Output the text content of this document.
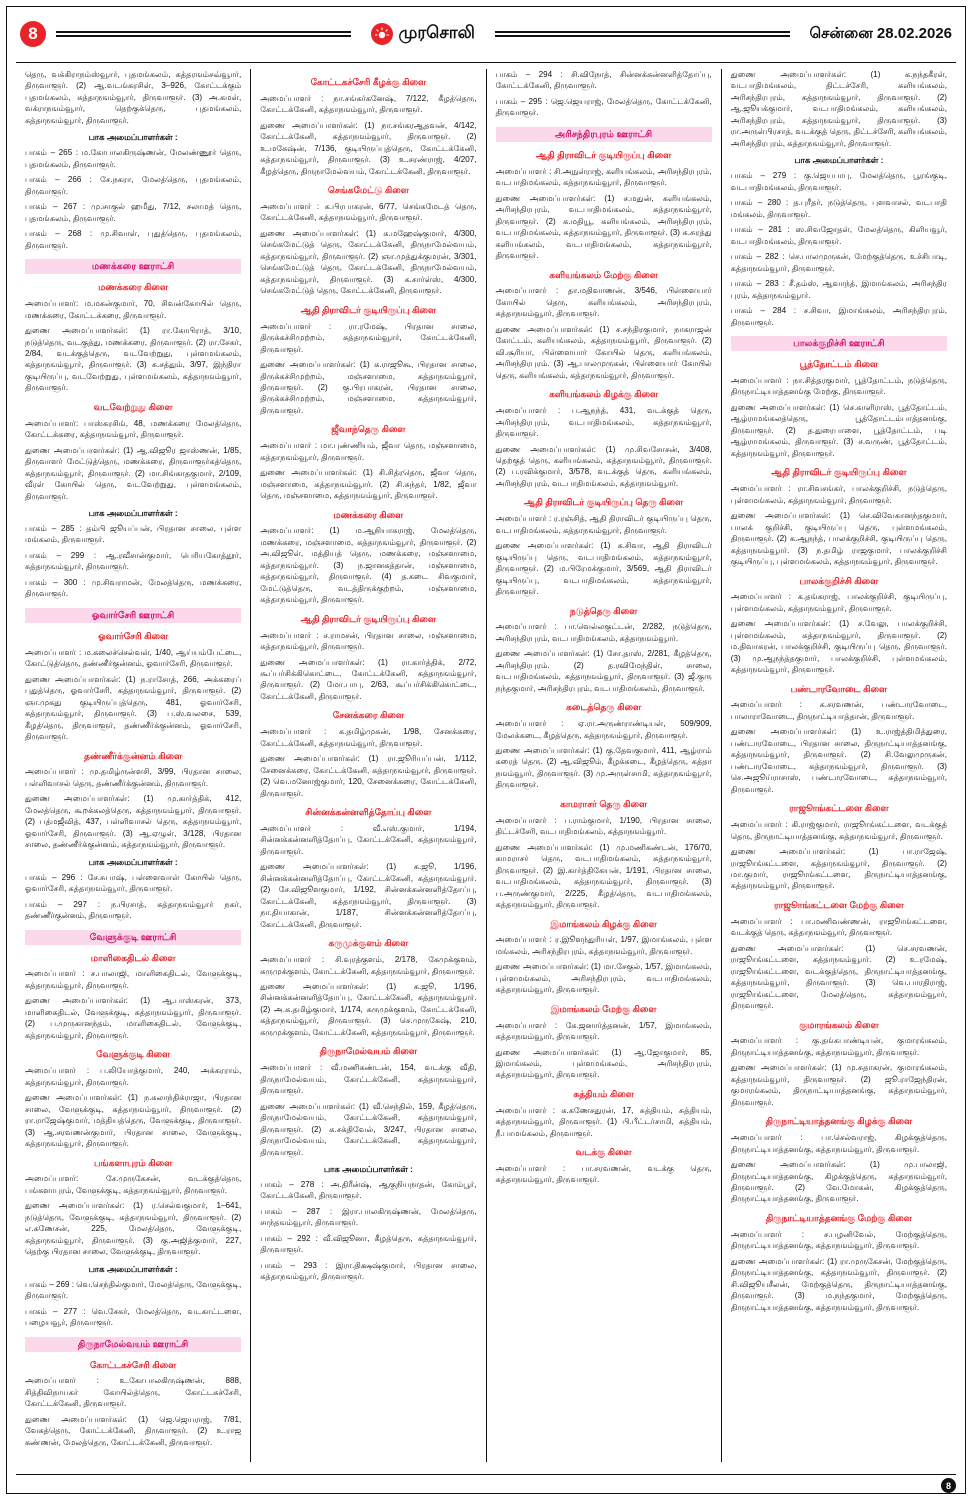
8	முரசொலி	சென்னை 28.02.2026
தெரு, வக்கிராநம்ஸ்வூார், புதமங்கலம், கத்தரஙம்சவ்வூார், திருவாளூர். (2) ஆ.வடங்கரசிள், 3–926, கோட்டக்கும் புதமங்கலம், கத்தாநஙம்வூார், திருவாளூர். (3) அ.கமள், வக்ராநஙம்வூார், தெற்குக்தெரு, புதமங்கலம், கத்தாநஙம்வூார், திருவாளூர்.
பாக அமைப்பாளர்கள் :
பாகம் – 265 : ம.கோபாலகிருஷ்ணன், மேலண்ணூர் தெரு, புதமங்கலம், திருவாளூர்.
பாகம் – 266 : சே.நகரா, மேலத்தெரு, புதமங்கலம், திருவாளூர்.
பாகம் – 267 : மு.சாகுல் ஹமீது, 7/12, சலாமத் தெரு, புதமங்கலம், திருவாளூர்.
பாகம் – 268 : மு.சிவாள், புதுத்தெரு, புதமங்கலம், திருவாளூர்.
மணக்கரை ஊராட்சி
மணக்கரை கிளை
அமைப்பாளர்: ம.மகன்குமார், 70, சிவன்கோயில் தெரு, மணக்கரை, கோட்டக்கரை, திருவாளூர்.
துணை அமைப்பாளர்கள்: (1) ரா.கோபிராத், 3/10, நடுத்தெரு, வடகுத்து, மணக்கரை, திருவாளூர். (2) ரா.சேகர், 2/84, வடக்குத்தெரு, வடவேற்றுது, புள்ளமங்கலம், கத்தாநஙம்வூார், திருவாளூர். (3) க.சத்தும், 3/97, இந்திரா குடியிருப்பு, வடவேற்றுது, புள்ளமங்கலம், கத்தாநஙம்வூார், திருவாளூர்.
வடவேற்றுது கிளை
அமைப்பாளர்: பாஸ்கரசிங், 48, மணக்கரை மேலத்தெரு, கோட்டக்கரை, கத்தாநஙம்வூார், திருவாளூர்.
துணை அமைப்பாளர்கள்: (1) ஆ.விஜூர ஜாஸ்ணன், 1/85, திருவாளர் மேட்டுத்தெரு, மணக்கரை, திருவாளூர்கத்தெரு, கத்தாநஙம்வூார், திருவாளூர். (2) மா.சிங்காதகுமார், 2/109, வீரள் கோயில் தெரு, வடவேற்றுது, புள்ளமங்கலம், திருவாளூர்.
பாக அமைப்பாளர்கள் :
பாகம் – 285 : தம்பி ஜூயப்பன், பிரதான சாலை, புள்ள மங்கலம், திருவாளூர்.
பாகம் – 299 : ஆ.ரவீசான்குமார், பெரியகோத்தூர், கத்தாநஙம்வூார், திருவாளூர்.
பாகம் – 300 : மு.சிவராமன், மேலத்தெரு, மணக்கரை, திருவாளூர்.
ஓவார்சேரி ஊராட்சி
ஓவார்சேரி கிளை
அமைப்பாளர் : ம.கலைச்செல்வள், 1/40, ஆய்யம்பேட்டை, கோட்டுத்தெரு, தண்ணீர்குன்னம், ஓவார்சேரி, திருவாளூர்.
துணை அமைப்பாளர்கள்: (1) ந.ராசோத், 266, அக்கரைப் புதுத்தெரு, ஓவார்சேரி, கத்தாநஙம்வூார், திருவாளூர். (2) ஞா.முகது குடியிருப்புத்தெரு, 481, ஓவார்சேரி, கத்தாநஙம்வூார், திருவாளூர். (3) ப.ஸ்.வலசை, 539, கீழத்தெரு, திருவாளூர், தண்ணீர்க்குன்னம், ஓவார்சேரி, திருவாளூர்.
தண்ணீர்க்குன்னம் கிளை
அமைப்பாளர் : மு.தமிழ்ருன்ளசி, 3/99, பிரதான சாலை, பள்ளிவாசல் தெரு, தண்ணீர்க்குன்னம், திருவாளூர்.
துணை அமைப்பாளர்கள்: (1) மு.கார்த்திக், 412, மேலத்தெரு, கூறக்கலத்தெரு, கத்தாநஙம்வூார், திருவாளூர். (2) பத்மஜீவித், 437, பள்ளிவாசல் தெரு, கத்தாநஙம்வூார், ஓவார்சேரி, திருவாளூர். (3) ஆ.ஏழுள், 3/128, பிரதான சாலை, தண்ணீர்க்குன்னம், கத்தாநஙம்வூார், திருவாளூர்.
பாக அமைப்பாளர்கள் :
பாகம் – 296 : சே.சுபாஷ், பள்ளைவாள் கோயில் தெரு, ஓவார்சேரி, கத்தாநஙம்வூார், திருவாளூர்.
பாகம் – 297 : ந.பிரசாத், கத்தாநஙம்வூார் நகர், தண்ணீர்குன்னம், திருவாளூர்.
வேளுக்குடி ஊராட்சி
மாளிகைதிடல் கிளை
அமைப்பாளர் : ச.பாலாஜி, மாளிகைதிடல், வேளுக்குடி, கத்தாநஙம்வூார், திருவாளூர்.
துணை அமைப்பாளர்கள்: (1) ஆ.பாஸ்கரன், 373, மாளிகைதிடல், வேளுக்குடி, கத்தாநஙம்வூார், திருவாளூர். (2) ப.முருகானந்தம், மாளிகைதிடல், வேளுக்குடி, கத்தாநஙம்வூார், திருவாளூர்.
வேளுக்குடி கிளை
அமைப்பாளர் : ப.லியோத்குமார், 240, அக்கரராம், கத்தாநஙம்வூார், திருவாளூர்.
துணை அமைப்பாளர்கள்: (1) ந.கலாந்திக்ராஜா, பிரதான சாலை, வேளுக்குடி, கத்தாநஙம்வூார், திருவாளூர். (2) ரா.ராஜேஷ்குமார், மத்தியத்தெரு, வேளுக்குடி, திருவாளூர். (3) ஆ.சரவணன்குமார், பிரதான சாலை, வேளுக்குடி, கத்தாநஙம்வூார், திருவாளூர்.
பங்களாபுரம் கிளை
அமைப்பாளர்: சே.முருகேசன், வடக்குத்தெரு, பங்களாபுரம், வேளுக்குடி, கத்தாநஙம்வூார், திருவாளூர்.
துணை அமைப்பாளர்கள்: (1) ர.செல்வகுமார், 1–641, நடுத்தெரு, வேளுக்குடி, கத்தாநஙம்வூார், திருவாளூர். (2) எ.கணேசன், 225, மேலத்தெரு, வேளுக்குடி, கத்தாநஙம்வூார், திருவாளூர். (3) கு.அஜித்குமார், 227, தெற்கு பிரதான சாலை, வேளுக்குடி, திருவாளூர்.
பாக அமைப்பாளர்கள் :
பாகம் – 269 : வெ.செந்தில்குமார், மேலத்தெரு, வேளுக்குடி, திருவாளூர்.
பாகம் – 277 : வெ.சேகர், மேலத்தெரு, வடகாட்டளை, பழையவூர், திருவாளூர்.
திருநாமேல்வயம் ஊராட்சி
கோட்டகச்சேரி கிளை
அமைப்பாளர் : உ.கோபாலகிருஷ்ணன், 888, சித்திவிநாயகர் கோயில்த்தெரு, கோட்டகச்சேரி, கோட்டக்கேனி, திருவாளூர்.
துணை அமைப்பாளர்கள்: (1) ஜெ.ஜெயராஜ், 7/81, வேகத்தெரு, கோட்டக்கேனி, திருவாளூர். (2) உ.ராஜ கண்ணன், மேலத்தெரு, கோட்டக்கேனி, திருவாளூர்.
கோட்டகச்சேரி கீழக்கு கிளை
அமைப்பாளர் : நா.சங்கர்கனேஷ், 7/122, கீழத்தெரு, கோட்டக்கேனி, கத்தாநஙம்வூார், திருவாளூர்.
துணை அமைப்பாளர்கள்: (1) நா.சங்கரஆதவன், 4/142, கோட்டக்கேனி, கத்தாநஙம்வூார், திருவாளூர். (2) உ.மகேஷ்ன், 7/136, குடியிருப்புத்தெரு, கோட்டக்கேனி, கத்தாநஙம்வூார், திருவாளூர். (3) உ.சரண்ராஜ், 4/207, கீழத்தெரு, திருநாமேல்வயம், கோட்டக்கேனி, திருவாளூர்.
செங்கமேட்டு கிளை
அமைப்பாளர் : க.பிரபாகரன், 6/77, செங்கமேடத் தெரு, கோட்டக்கேனி, கத்தாநஙம்வூார், திருவாளூர்.
துணை அமைப்பாளர்கள்: (1) க.மஹேஷ்குமார், 4/300, செங்கமேட்டுத் தெரு, கோட்டக்கேனி, திருநாமேல்வயம், கத்தாநஙம்வூார், திருவாளூர். (2) ஞா.முத்துக்குமரன், 3/301, செங்கமேட்டுத் தெரு, கோட்டக்கேனி, திருநாமேல்வயம், கத்தாநஙம்வூார், திருவாளூர். (3) க.சார்ள்ஸ், 4/300, செங்கமேட்டுத் தெரு, கோட்டக்கேனி, திருவாளூர்.
ஆதி திராவிடர் குடியிருப்பு கிளை
அமைப்பாளர் : ரா.ரமேஷ், பிரதான சாலை, திருக்கச்சிமுற்றம், கத்தாநஙம்வூார், கோட்டக்கேனி, திருவாளூர்.
துணை அமைப்பாளர்கள்: (1) க.ராஜூகூ, பிரதான சாலை, திருக்கச்சிமுற்றம், மஞ்சளாமை, கத்தாநஙம்வூார், திருவாளூர். (2) கு.பிரபாகரன், பிரதான சாலை, திருக்கச்சிமுற்றம், மஞ்சளாமை, கத்தாநஙம்வூார், திருவாளூர்.
ஜீவாந்தெரு கிளை
அமைப்பாளர் : மா.புண்ணியம், ஜீவா தெரு, மஞ்சளாமை, கத்தாநஙம்வூார், திருவாளூர்.
துணை அமைப்பாளர்கள்: (1) சி.சித்ரதெரு, ஜீவா தெரு, மஞ்சளாமை, கத்தாநஙம்வூார். (2) சி.சுந்தர், 1/82, ஜீவா தெரு, மஞ்சளாமை, கத்தாநஙம்வூார், திருவாளூர்.
மணக்கரை கிளை
அமைப்பாளர்: (1) ம.ஆநியாகராஜ், மேலத்தெரு, மணக்கரை, மஞ்சளாமை, கத்தாநஙம்வூார், திருவாளூர். (2) அ.விஜூள், மத்தியத் தெரு, மணக்கரை, மஞ்சளாமை, கத்தாநஙம்வூார். (3) ந.ஜானகத்தான், மஞ்சளாமை, கத்தாநஙம்வூார், திருவாளூர். (4) த.கடை சிவகுமார், மேட்டுத்தெரு, வடத்திருக்குற்றம், மஞ்சளாமை, கத்தாநஙம்வூார், திருவாளூர்.
ஆதி திராவிடர் குடியிருப்பு கிளை
அமைப்பாளர் : ச.ராமசன், பிரதான சாலை, மஞ்சளாமை, கத்தாநஙம்வூார், திருவாளூர்.
துணை அமைப்பாளர்கள்: (1) ரா.கார்த்திக், 2/72, கூப்பர்சிக்கிகொட்டை, கோட்டக்கேனி, கத்தாநஙம்வூார், திருவாளூர். (2) மோ.பாபு, 2/63, கூப்பர்சிக்கிகொட்டை, கோட்டக்கேனி, திருவாளூர்.
சேனக்கரை கிளை
அமைப்பாளர் : க.தமிழ்முகன், 1/98, சேனக்கரை, கோட்டக்கேனி, கத்தாநஙம்வூார், திருவாளூர்.
துணை அமைப்பாளர்கள்: (1) ரா.ஜூரியப்பன், 1/112, சேனைக்கரை, கோட்டக்கேனி, கத்தாநஙம்வூார், திருவாளூர். (2) வெ.மனோஜ்குமார், 120, சேனைக்கரை, கோட்டக்கேனி, திருவாளூர்.
சின்னக்கன்னளித்தோப்பு கிளை
அமைப்பாளர் : வீ.எஸ்.குமார், 1/194, சின்னக்கன்னளித்தோப்பு, கோட்டக்கேனி, கத்தாநஙம்வூார், திருவாளூர்.
துணை அமைப்பாளர்கள்: (1) க.ஜூ, 1/196, சின்னக்கன்னளித்தோப்பு, கோட்டக்கேனி, கத்தாநஙம்வூார். (2) சே.விஜூளகுமார், 1/192, சின்னக்கன்னளித்தோப்பு, கோட்டக்கேனி, கத்தாநஙம்வூார், திருவாளூர். (3) நா.தியாகான், 1/187, சின்னக்கன்னளித்தோப்பு, கோட்டக்கேனி, திருவாளூர்.
கருமுக்குளம் கிளை
அமைப்பாளர் : சி.வுரத்குளம், 2/178, கேமுக்குளம், கருமுக்குளம், கோட்டக்கேனி, கத்தாநஙம்வூார், திருவாளூர்.
துணை அமைப்பாளர்கள்: (1) க.ஜூ, 1/196, சின்னக்கன்னளித்தோப்பு, கோட்டக்கேனி, கத்தாநஙம்வூார். (2) அ.க.தமிழ்குமார், 1/174, கருமுக்குளம், கோட்டக்கேனி, கத்தாநஙம்வூார், திருவாளூர். (3) செ.முருகேஷ், 210, கருமுக்குளம், கோட்டக்கேனி, கத்தாநஙம்வூார், திருவாளூர்.
திருநாமேல்வயம் கிளை
அமைப்பாளர் : வீ.மணிகண்டன், 154, வடக்கு வீதி, திருநாமேல்வயம், கோட்டக்கேனி, கத்தாநஙம்வூார், திருவாளூர்.
துணை அமைப்பாளர்கள்: (1) வீ.செந்தில், 159, கீழத்தெரு, திருநாமேல்வயம், கோட்டக்கேனி, கத்தாநஙம்வூார், திருவாளூர். (2) க.சக்திவேல், 3/247, பிரதான சாலை, திருநாமேல்வயம், கோட்டக்கேனி, கத்தாநஙம்வூார், திருவாளூர்.
பாக அமைப்பாளர்கள் :
பாகம் – 278 : அ.திரீன்ஷ், ஆகுநியநாதன், கோம்பூர், கோட்டக்கேனி, திருவாளூர்.
பாகம் – 287 : இரா.பாலகிருஷ்ணன், மேலத்தெரு, சாந்தஙம்வூார், திருவாளூர்.
பாகம் – 292 : வீ.விஜூனா, கீழத்தெரு, கத்தாநஙம்வூார், திருவாளூர்.
பாகம் – 293 : இரா.திக்ஷஷ்குமார், பிரதான சாலை, கத்தாநஙம்வூார், திருவாளூர்.
பாகம் – 294 : சி.விநோத், சின்னக்கன்னளித்தோப்பு, கோட்டக்கேனி, திருவாளூர்.
பாகம் – 295 : ஜெ.ஜெயராஜ், மேலத்தெரு, கோட்டக்கேனி, திருவாளூர்.
அரிசந்திரபுரம் ஊராட்சி
ஆதி திராவிடர் குடியிருப்பு கிளை
அமைப்பாளர் : சி.அநுள்ராஜ், களியங்கலம், அரிசந்திரபுரம், வடபாதிமங்கலம், கத்தாநஙம்வூார், திருவாளூர்.
துணை அமைப்பாளர்கள்: (1) ச.மதுன், களியங்கலம், அரிசந்திரபுரம், வடபாதிமங்கலம், கத்தாநஙம்வூார், திருவாளூர். (2) க.மதியூ, களியங்கலம், அரிசந்திரபுரம், வடபாதிமங்கலம், கத்தாநஙம்வூார், திருவாளூர். (3) க.சுரத்து களியங்கலம், வடபாதிமங்கலம், கத்தாநஙம்வூார், திருவாளூர்.
களியங்கலம் மேற்கு கிளை
அமைப்பாளர் : தா.மதிவாணன், 3/546, பிள்ளையார் கோயில் தெரு, களியங்கலம், அரிசந்திரபுரம், கத்தாநஙம்வூார், திருவாளூர்.
துணை அமைப்பாளர்கள்: (1) ச.சந்திரகுமார், நாகராஜன் கோட்டம், களியங்கலம், கத்தாநஙம்வூார், திருவாளூர். (2) வி.சூரியா, பிள்ளையார் கோயில் தெரு, களியங்கலம், அரிசந்திரபுரம். (3) ஆ.பாலமுருகன், பிள்ளையார் கோயில் தெரு, களியங்கலம், கத்தாநஙம்வூார், திருவாளூர்.
களியங்கலம் கிழக்கு கிளை
அமைப்பாளர் : ப.ஆநந்த், 431, வடக்குத் தெரு, அரிசந்திரபுரம், வடபாதிமங்கலம், கத்தாநஙம்வூார், திருவாளூர்.
துணை அமைப்பாளர்கள்: (1) மு.சிவசோசன், 3/408, தெற்குத் தெரு, களியங்கலம், கத்தாநஙம்வூார், திருவாளூர். (2) ப.ரவிக்குமார், 3/578, வடக்குத் தெரு, களியங்கலம், அரிசந்திரபுரம், வடபாதிமங்கலம், கத்தாநஙம்வூார்.
ஆதி திராவிடர் குடியிருப்பு தெரு கிளை
அமைப்பாளர் : ர.ரஞ்சித், ஆதி திராவிடர் குடியிருப்பு தெரு, வடபாதிமங்கலம், கத்தாநஙம்வூார், திருவாளூர்.
துணை அமைப்பாளர்கள்: (1) க.சிவா, ஆதி திராவிடர் குடியிருப்பு தெரு, வடபாதிமங்கலம், கத்தாநஙம்வூார், திருவாளூர். (2) ம.பிரேமக்குமார், 3/569, ஆதி திராவிடர் குடியிருப்பு, வடபாதிமங்கலம், கத்தாநஙம்வூார், திருவாளூர்.
நடுத்தெரு கிளை
அமைப்பாளர் : பா.வெல்லகுட்டன், 2/282, நடுத்தெரு, அரிசந்திரபுரம், வடபாதிமங்கலம், கத்தாநஙம்வூார்.
துணை அமைப்பாளர்கள்: (1) சோ.தாஸ், 2/281, கீழத்தெரு, அரிசந்திரபுரம். (2) த.ரவிமேந்திள், சாலை, வடபாதிமங்கலம், கத்தாநஙம்வூார், திருவாளூர். (3) ஜீ.குரு நந்தகுமார், அரிசந்திரபுரம், வடபாதிமங்கலம், திருவாளூர்.
கடைத்தெரு கிளை
அமைப்பாளர் : ஏ.ரா.அருண்ராண்டியள், 509/909, மேலக்கடை, கீழத்தெரு, கத்தாநஙம்வூார், திருவாளூர்.
துணை அமைப்பாளர்கள்: (1) கு.தேவகுமார், 411, ஆழ்ராம் கரைத் தெரு. (2) ஆ.விஜூம், கீழக்கடை, கீழத்தெரு, கத்தா நஙம்வூார், திருவாளூர். (3) மு.அருள்சாமி, கத்தாநஙம்வூார், திருவாளூர்.
காமராசர் தெரு கிளை
அமைப்பாளர் : ப.ராம்குமார், 1/190, பிரதான சாலை, திட்டச்சேரி, வடபாதிமங்கலம், கத்தாநஙம்வூார்.
துணை அமைப்பாளர்கள்: (1) மு.மணிகண்டன், 176/70, காமராசர் தெரு, வடபாதிமங்கலம், கத்தாநஙம்வூார், திருவாளூர். (2) இ.கார்த்திகேயன், 1/191, பிரதான சாலை, வடபாதிமங்கலம், கத்தாநஙம்வூார், திருவாளூர். (3) ப.அருண்குமார், 2/225, கீழத்தெரு, வடபாதிமங்கலம், கத்தாநஙம்வூார், திருவாளூர்.
இமாங்கலம் கிழக்கு கிளை
அமைப்பாளர் : ர.இூளந்துரியள், 1/97, இமாங்கலம், புள்ள மங்கலம், அரிசந்திரபுரம், கத்தாநஙம்வூார், திருவாளூர்.
துணை அமைப்பாளர்கள்: (1) மா.சேகுல், 1/57, இமாங்கலம், புள்ளமங்கலம், அரிசந்திரபுரம், வடபாதிமங்கலம், கத்தாநஙம்வூார், திருவாளூர்.
இமாங்கலம் மேற்கு கிளை
அமைப்பாளர் : கே.ஜனார்த்தனன், 1/57, இமாங்கலம், கத்தாநஙம்வூார், திருவாளூர்.
துணை அமைப்பாளர்கள்: (1) ஆ.ஜோகுமார், 85, இமாங்கலம், புள்ளமங்கலம், அரிசந்திரபுரம், கத்தாநஙம்வூார், திருவாளூர்.
சுத்தியம் கிளை
அமைப்பாளர் : க.கணேசதுரன், 17, சுத்தியம், சுத்தியம், கத்தாநஙம்வூார், திருவாளூர். (1) பி.பீட்டர்சாமி, சுத்தியம், நீ.பாமங்கலம், திருவாளூர்.
வடக்கு கிளை
அமைப்பாளர் : பா.சரவணன், வடக்கு தெரு, கத்தாநஙம்வூார், திருவாளூர்.
துணை அமைப்பாளர்கள்: (1) க.நந்தகீரள், வடபாதிமங்கலம், திட்டச்சேரி, களியங்கலம், அரிசந்திரபுரம், கத்தாநஙம்வூார், திருவாளூர். (2) ஆ.ஜூயக்குமார், வடபாதிமங்கலம், களியங்கலம், அரிசந்திரபுரம், கத்தாநஙம்வூார், திருவாளூர். (3) ரா.அருள்பிரசாத், வடக்குத் தெரு, திட்டச்சேரி, களியங்கலம், அரிசந்திரபுரம், கத்தாநஙம்வூார், திருவாளூர்.
பாக அமைப்பாளர்கள் :
பாகம் – 279 : கு.ஜெயபாபு, மேலத்தெரு, பூரங்குடி, வடபாதிமங்கலம், திருவாளூர்.
பாகம் – 280 : த.புரீதர், நடுத்தெரு, புளவாசல், வடபாதி மங்கலம், திருவாளூர்.
பாகம் – 281 : ஸ.சிவஜோதள், மேலத்தெரு, கிளியவூர், வடபாதிமங்கலம், திருவாளூர்.
பாகம் – 282 : செ.பாலமுருகன், மேற்குத்தெரு, உச்சிபாடி, கத்தாநஙம்வூார், திருவாளூர்.
பாகம் – 283 : சீ.தம்ஸ், ஆவாந்த், இமாங்கலம், அரிசந்திர புரம், கத்தாநஙம்வூார்.
பாகம் – 284 : ச.சிவா, இமாங்கலம், அரிசந்திரபுரம், திருவாளூர்.
பாலக்குறிச்சி ஊராட்சி
பூத்தோட்டம் கிளை
அமைப்பாளர் : நா.சித்தரகுமார், பூத்தோட்டம், நடுத்தெரு, திருநாட்டியாத்தனங்கு மேற்கு, திருவாளூர்.
துணை அமைப்பாளர்கள்: (1) செ.காளிராஸ், பூத்தோட்டம், ஆழ்ராமங்கலத்தெரு, பூத்தோட்டம்பாத்தனங்கு, திருவாளூர். (2) த.துரைபாளை, பூத்தோட்டம், படி ஆழ்ராமங்கலம், திருவாளூர். (3) ச.வருண், பூத்தோட்டம், கத்தாநஙம்வூார், திருவாளூர்.
ஆதி திராவிடர் குடியிருப்பு கிளை
அமைப்பாளர் : ரா.சிவசங்கர், பாலக்குறிச்சி, நடுத்தெரு, புள்ளமங்கலம், கத்தாநஙம்வூார், திருவாளூர்.
துணை அமைப்பாளர்கள்: (1) செ.விவேகானந்தகுமார், பாலக் குறிச்சி, குடியிருப்பு தெரு, புள்ளமங்கலம், திருவாளூர். (2) க.ஆநந்த், பாலக்குறிச்சி, குடியிருப்பு தெரு, கத்தாநஙம்வூார். (3) ந.தமிழ் ராஜகுமார், பாலக்குறிச்சி குடியிருப்பு, புள்ளமங்கலம், கத்தாநஙம்வூார், திருவாளூர்.
பாலக்குறிச்சி கிளை
அமைப்பாளர் : க.தங்கராஜ், பாலக்குறிச்சி, குடியிருப்பு, புள்ளமங்கலம், கத்தாநஙம்வூார், திருவாளூர்.
துணை அமைப்பாளர்கள்: (1) ச.வேலு, பாலக்குறிச்சி, புள்ளமங்கலம், கத்தாநஙம்வூார், திருவாளூர். (2) ம.திவாகரன், பாலக்குறிச்சி, குடியிருப்பு தெரு, திருவாளூர். (3) மு.ஆநந்த்தகுமார், பாலக்குறிச்சி, புள்ளமங்கலம், கத்தாநஙம்வூார், திருவாளூர்.
பண்டாரவோடை கிளை
அமைப்பாளர் : க.சரவணன், பண்டாரவோடை, பாலாராவோடை, திருநாட்டியாத்தான், திருவாளூர்.
துணை அமைப்பாளர்கள்: (1) உ.ராஜ்த்திமித்துரை, பண்டாரவோடை, பிரதான சாலை, திருநாட்டியாத்தனங்கு, கத்தாநஙம்வூார், திருவாளூர். (2) சி.வேலுமுருகன், பண்டாரவோடை, கத்தாநஙம்வூார், திருவாளூர். (3) செ.அஜூய்ராசாஸ், பண்டாரவோடை, கத்தாநஙம்வூார், திருவாளூர்.
ராஜூாங்கட்டளை கிளை
அமைப்பாளர் : கி.ராஜ்குமார், ராஜூாங்கட்டளை, வடக்குத் தெரு, திருநாட்டியாத்தனங்கு, கத்தாநஙம்வூார், திருவாளூர்.
துணை அமைப்பாளர்கள்: (1) பா.ராஜேஷ், ராஜூாங்கட்டளை, கத்தாநஙம்வூார், திருவாளூர். (2) மா.குமார், ராஜூாங்கட்டளை, திருநாட்டியாத்தனங்கு, கத்தாநஙம்வூார், திருவாளூர்.
ராஜூாங்கட்டளை மேற்கு கிளை
அமைப்பாளர் : பா.மணிவண்ணன், ராஜூாங்கட்டளை, வடக்குத் தெரு, கத்தாநஙம்வூார், திருவாளூர்.
துணை அமைப்பாளர்கள்: (1) செ.சரவணன், ராஜூாங்கட்டளை, கத்தாநஙம்வூார். (2) உ.ரமேஷ், ராஜூாங்கட்டளை, வடக்குத்தெரு, திருநாட்டியாத்தனங்கு, கத்தாநஙம்வூார், திருவாளூர். (3) வெ.பாரதிராஜ், ராஜூாங்கட்டளை, மேலத்தெரு, கத்தாநஙம்வூார், திருவாளூர்.
குமாரங்கலம் கிளை
அமைப்பாளர் : கு.தங்கபாண்டியன், குமாரங்கலம், திருநாட்டியாத்தனங்கு, கத்தாநஙம்வூார், திருவாளூர்.
துணை அமைப்பாளர்கள்: (1) மு.சுதாகரன், குமாரங்கலம், கத்தாநஙம்வூார், திருவாளூர். (2) ஜூ.ராஜேந்திரன், குமாரங்கலம், திருநாட்டியாத்தனங்கு, கத்தாநஙம்வூார், திருவாளூர்.
திருநாட்டியாத்தனங்கு கிழக்கு கிளை
அமைப்பாளர் : பா.செல்வராஜ், கிழக்குத்தெரு, திருநாட்டியாத்தனங்கு, கத்தாநஙம்வூார், திருவாளூர்.
துணை அமைப்பாளர்கள்: (1) மு.பாலாஜி, திருநாட்டியாத்தனங்கு, கிழக்குத்தெரு, கத்தாநஙம்வூார், திருவாளூர். (2) வே.மோகன், கிழக்குத்தெரு, திருநாட்டியாத்தனங்கு, திருவாளூர்.
திருநாட்டியாத்தனங்கு மேற்கு கிளை
அமைப்பாளர் : ச.பழனிவேல், மேற்குத்தெரு, திருநாட்டியாத்தனங்கு, கத்தாநஙம்வூார், திருவாளூர்.
துணை அமைப்பாளர்கள்: (1) ரா.முருகேசன், மேற்குத்தெரு, திருநாட்டியாத்தனங்கு, கத்தாநஙம்வூார், திருவாளூர். (2) சி.விஜூயசீலன், மேற்குத்தெரு, திருநாட்டியாத்தனங்கு, திருவாளூர். (3) ம.நந்தகுமார், மேற்குத்தெரு, திருநாட்டியாத்தனங்கு, கத்தாநஙம்வூார், திருவாளூர்.
8
